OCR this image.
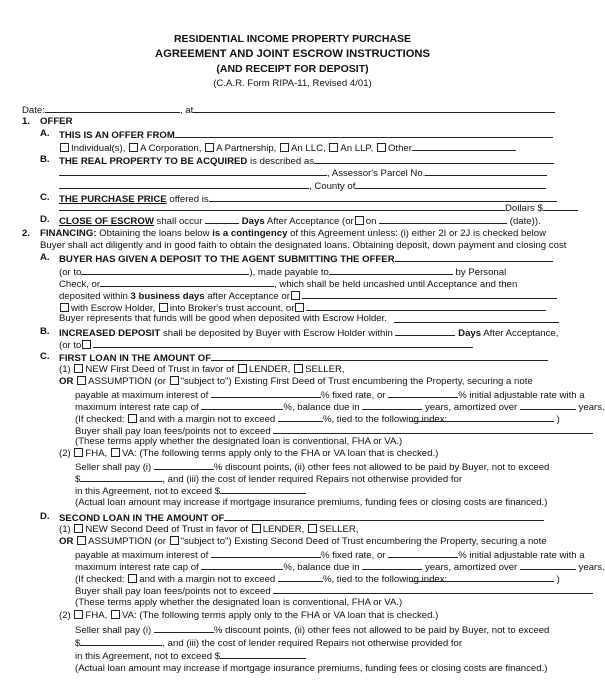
RESIDENTIAL INCOME PROPERTY PURCHASE
AGREEMENT AND JOINT ESCROW INSTRUCTIONS
(AND RECEIPT FOR DEPOSIT)
(C.A.R. Form RIPA-11, Revised 4/01)
Date:	, at
1. OFFER
A. THIS IS AN OFFER FROM
Individual(s), A Corporation, A Partnership, An LLC, An LLP, Other
B. THE REAL PROPERTY TO BE ACQUIRED is described as
, Assessor's Parcel No.
, County of
C. THE PURCHASE PRICE offered is
Dollars $
D. CLOSE OF ESCROW shall occur	Days After Acceptance (or on	(date)).
2. FINANCING: Obtaining the loans below is a contingency of this Agreement unless: (i) either 2I or 2J is checked below
Buyer shall act diligently and in good faith to obtain the designated loans. Obtaining deposit, down payment and closing cost
A. BUYER HAS GIVEN A DEPOSIT TO THE AGENT SUBMITTING THE OFFER
(or to	), made payable to	by Personal
Check, or	, which shall be held uncashed until Acceptance and then
deposited within 3 business days after Acceptance or
with Escrow Holder, into Broker's trust account, or
Buyer represents that funds will be good when deposited with Escrow Holder.
B. INCREASED DEPOSIT shall be deposited by Buyer with Escrow Holder within	Days After Acceptance,
(or to
C. FIRST LOAN IN THE AMOUNT OF
(1) NEW First Deed of Trust in favor of LENDER, SELLER,
OR ASSUMPTION (or "subject to") Existing First Deed of Trust encumbering the Property, securing a note
payable at maximum interest of	% fixed rate, or	% initial adjustable rate with a
maximum interest rate cap of	%, balance due in	years, amortized over	years.
(If checked: and with a margin not to exceed	%, tied to the following index:	)
Buyer shall pay loan fees/points not to exceed
(These terms apply whether the designated loan is conventional, FHA or VA.)
(2) FHA, VA: (The following terms apply only to the FHA or VA loan that is checked.)
Seller shall pay (i)	% discount points, (ii) other fees not allowed to be paid by Buyer, not to exceed
$	, and (iii) the cost of lender required Repairs not otherwise provided for
in this Agreement, not to exceed $
(Actual loan amount may increase if mortgage insurance premiums, funding fees or closing costs are financed.)
D. SECOND LOAN IN THE AMOUNT OF
(1) NEW Second Deed of Trust in favor of LENDER, SELLER,
OR ASSUMPTION (or "subject to") Existing Second Deed of Trust encumbering the Property, securing a note
payable at maximum interest of	% fixed rate, or	% initial adjustable rate with a
maximum interest rate cap of	%, balance due in	years, amortized over	years.
(If checked: and with a margin not to exceed	%, tied to the following index:	)
Buyer shall pay loan fees/points not to exceed
(These terms apply whether the designated loan is conventional, FHA or VA.)
(2) FHA, VA: (The following terms apply only to the FHA or VA loan that is checked.)
Seller shall pay (i)	% discount points, (ii) other fees not allowed to be paid by Buyer, not to exceed
$	, and (iii) the cost of lender required Repairs not otherwise provided for
in this Agreement, not to exceed $
(Actual loan amount may increase if mortgage insurance premiums, funding fees or closing costs are financed.)
